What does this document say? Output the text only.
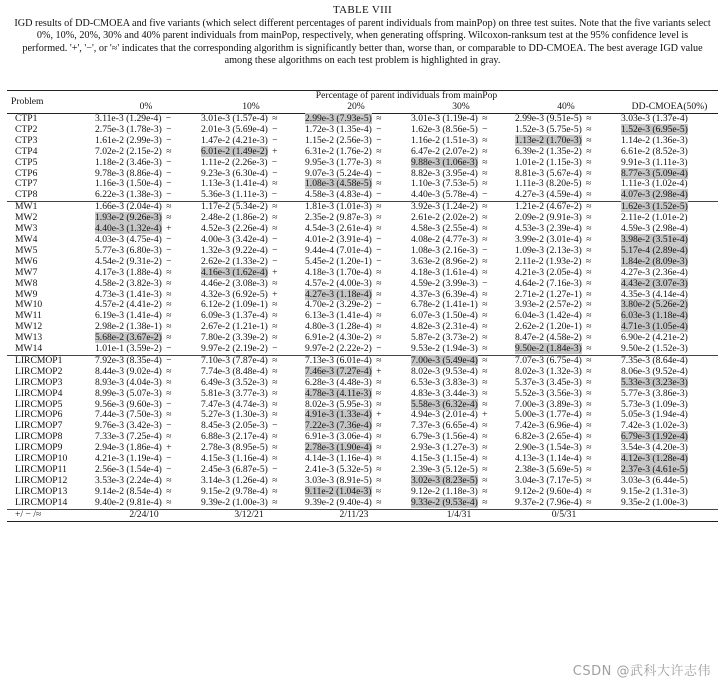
TABLE VIII
IGD results of DD-CMOEA and five variants (which select different percentages of parent individuals from mainPop) on three test suites. Note that the five variants select 0%, 10%, 20%, 30% and 40% parent individuals from mainPop, respectively, when generating offspring. Wilcoxon-ranksum test at the 95% confidence level is performed. '+', '−', or '≈' indicates that the corresponding algorithm is significantly better than, worse than, or comparable to DD-CMOEA. The best average IGD value among these algorithms on each test problem is highlighted in gray.
Problem	Percentage of parent individuals from mainPop					
	0%	10%	20%	30%	40%	DD-CMOEA(50%)
CTP1	3.11e-3 (1.29e-4) −	3.01e-3 (1.57e-4) ≈	2.99e-3 (7.93e-5) ≈	3.01e-3 (1.19e-4) ≈	2.99e-3 (9.51e-5) ≈	3.03e-3 (1.37e-4)
CTP2	2.75e-3 (1.78e-3) −	2.01e-3 (5.69e-4) −	1.72e-3 (1.35e-4) −	1.62e-3 (8.56e-5) −	1.52e-3 (5.75e-5) ≈	1.52e-3 (6.95e-5)
CTP3	1.61e-2 (2.99e-3) −	1.47e-2 (4.21e-3) −	1.15e-2 (2.56e-3) −	1.16e-2 (1.51e-3) ≈	1.13e-2 (1.70e-3) ≈	1.14e-2 (1.36e-3)
CTP4	7.02e-2 (2.15e-2) ≈	6.01e-2 (1.49e-2) +	6.31e-2 (1.76e-2) ≈	6.47e-2 (2.07e-2) ≈	6.39e-2 (1.35e-2) ≈	6.61e-2 (8.52e-3)
CTP5	1.18e-2 (3.46e-3) −	1.11e-2 (2.26e-3) −	9.95e-3 (1.77e-3) ≈	9.88e-3 (1.06e-3) ≈	1.01e-2 (1.15e-3) ≈	9.91e-3 (1.11e-3)
CTP6	9.78e-3 (8.86e-4) −	9.23e-3 (6.30e-4) −	9.07e-3 (5.24e-4) −	8.82e-3 (3.95e-4) ≈	8.81e-3 (5.67e-4) ≈	8.77e-3 (5.09e-4)
CTP7	1.16e-3 (1.50e-4) −	1.13e-3 (1.41e-4) ≈	1.08e-3 (4.58e-5) ≈	1.10e-3 (7.53e-5) ≈	1.11e-3 (8.20e-5) ≈	1.11e-3 (1.02e-4)
CTP8	6.22e-3 (1.38e-3) −	5.36e-3 (1.11e-3) −	4.58e-3 (4.83e-4) −	4.40e-3 (5.78e-4) −	4.27e-3 (4.59e-4) ≈	4.07e-3 (2.98e-4)
MW1	1.66e-3 (2.04e-4) ≈	1.17e-2 (5.34e-2) ≈	1.81e-3 (1.01e-3) ≈	3.92e-3 (1.24e-2) ≈	1.21e-2 (4.67e-2) ≈	1.62e-3 (1.52e-5)
MW2	1.93e-2 (9.26e-3) ≈	2.48e-2 (1.86e-2) ≈	2.35e-2 (9.87e-3) ≈	2.61e-2 (2.02e-2) ≈	2.09e-2 (9.91e-3) ≈	2.11e-2 (1.01e-2)
MW3	4.40e-3 (1.32e-4) +	4.52e-3 (2.26e-4) ≈	4.54e-3 (2.61e-4) ≈	4.58e-3 (2.55e-4) ≈	4.53e-3 (2.39e-4) ≈	4.59e-3 (2.98e-4)
MW4	4.03e-3 (4.75e-4) −	4.00e-3 (3.42e-4) −	4.01e-2 (3.91e-4) −	4.08e-2 (4.77e-3) ≈	3.99e-2 (3.01e-4) ≈	3.98e-2 (3.51e-4)
MW5	5.77e-3 (6.80e-3) −	1.32e-3 (9.22e-4) −	9.44e-4 (7.01e-4) −	1.08e-3 (2.16e-3) −	1.09e-3 (2.13e-3) ≈	5.17e-4 (2.89e-4)
MW6	4.54e-2 (9.31e-2) −	2.62e-2 (1.33e-2) −	5.45e-2 (1.20e-1) −	3.63e-2 (8.96e-2) ≈	2.11e-2 (1.93e-2) ≈	1.84e-2 (8.09e-3)
MW7	4.17e-3 (1.88e-4) ≈	4.16e-3 (1.62e-4) +	4.18e-3 (1.70e-4) ≈	4.18e-3 (1.61e-4) ≈	4.21e-3 (2.05e-4) ≈	4.27e-3 (2.36e-4)
MW8	4.58e-2 (3.82e-3) ≈	4.46e-2 (3.08e-3) ≈	4.57e-2 (4.00e-3) ≈	4.59e-2 (3.99e-3) −	4.64e-2 (7.16e-3) ≈	4.43e-2 (3.07e-3)
MW9	4.73e-3 (1.41e-3) ≈	4.32e-3 (6.92e-5) +	4.27e-3 (1.18e-4) ≈	4.37e-3 (6.39e-4) ≈	2.71e-2 (1.27e-1) ≈	4.35e-3 (4.14e-4)
MW10	4.57e-2 (4.41e-2) ≈	6.12e-2 (1.09e-1) ≈	4.70e-2 (3.29e-2) −	6.78e-2 (1.41e-1) ≈	3.93e-2 (2.57e-2) ≈	3.80e-2 (5.26e-2)
MW11	6.19e-3 (1.41e-4) ≈	6.09e-3 (1.37e-4) ≈	6.13e-3 (1.41e-4) ≈	6.07e-3 (1.50e-4) ≈	6.04e-3 (1.42e-4) ≈	6.03e-3 (1.18e-4)
MW12	2.98e-2 (1.38e-1) ≈	2.67e-2 (1.21e-1) ≈	4.80e-3 (1.28e-4) ≈	4.82e-3 (2.31e-4) ≈	2.62e-2 (1.20e-1) ≈	4.71e-3 (1.05e-4)
MW13	5.68e-2 (3.67e-2) ≈	7.80e-2 (3.39e-2) ≈	6.91e-2 (4.30e-2) ≈	5.87e-2 (3.73e-2) ≈	8.47e-2 (4.58e-2) ≈	6.90e-2 (4.21e-2)
MW14	1.01e-1 (3.59e-2) −	9.97e-2 (2.19e-2) −	9.97e-2 (2.22e-2) −	9.53e-2 (1.94e-3) ≈	9.50e-2 (1.84e-3) ≈	9.50e-2 (1.52e-3)
LIRCMOP1	7.92e-3 (8.35e-4) −	7.10e-3 (7.87e-4) ≈	7.13e-3 (6.01e-4) ≈	7.00e-3 (5.49e-4) ≈	7.07e-3 (6.75e-4) ≈	7.35e-3 (8.64e-4)
LIRCMOP2	8.44e-3 (9.02e-4) ≈	7.74e-3 (8.48e-4) ≈	7.46e-3 (7.27e-4) +	8.02e-3 (9.53e-4) ≈	8.02e-3 (1.32e-3) ≈	8.06e-3 (9.52e-4)
LIRCMOP3	8.93e-3 (4.04e-3) ≈	6.49e-3 (3.52e-3) ≈	6.28e-3 (4.48e-3) ≈	6.53e-3 (3.83e-3) ≈	5.37e-3 (3.45e-3) ≈	5.33e-3 (3.23e-3)
LIRCMOP4	8.99e-3 (5.07e-3) ≈	5.81e-3 (3.77e-3) ≈	4.78e-3 (4.11e-3) ≈	4.83e-3 (3.44e-3) ≈	5.52e-3 (3.56e-3) ≈	5.77e-3 (3.86e-3)
LIRCMOP5	9.56e-3 (9.60e-3) −	7.47e-3 (4.74e-3) ≈	8.02e-3 (5.95e-3) ≈	5.58e-3 (6.32e-4) ≈	7.00e-3 (3.89e-3) ≈	5.73e-3 (1.09e-3)
LIRCMOP6	7.44e-3 (7.50e-3) ≈	5.27e-3 (1.30e-3) ≈	4.91e-3 (1.33e-4) +	4.94e-3 (2.01e-4) +	5.00e-3 (1.77e-4) ≈	5.05e-3 (1.94e-4)
LIRCMOP7	9.76e-3 (3.42e-3) −	8.45e-3 (2.05e-3) −	7.22e-3 (7.36e-4) ≈	7.37e-3 (6.65e-4) ≈	7.42e-3 (6.96e-4) ≈	7.42e-3 (1.02e-3)
LIRCMOP8	7.33e-3 (7.25e-4) ≈	6.88e-3 (2.17e-4) ≈	6.91e-3 (3.06e-4) ≈	6.79e-3 (1.56e-4) ≈	6.82e-3 (2.65e-4) ≈	6.79e-3 (1.92e-4)
LIRCMOP9	2.94e-3 (1.86e-4) +	2.78e-3 (8.95e-5) ≈	2.78e-3 (1.90e-4) ≈	2.93e-3 (1.27e-3) ≈	2.90e-3 (1.54e-3) ≈	3.54e-3 (4.20e-3)
LIRCMOP10	4.21e-3 (1.19e-4) −	4.15e-3 (1.16e-4) ≈	4.14e-3 (1.16e-4) ≈	4.15e-3 (1.15e-4) ≈	4.13e-3 (1.14e-4) ≈	4.12e-3 (1.28e-4)
LIRCMOP11	2.56e-3 (1.54e-4) −	2.45e-3 (6.87e-5) −	2.41e-3 (5.32e-5) ≈	2.39e-3 (5.12e-5) ≈	2.38e-3 (5.69e-5) ≈	2.37e-3 (4.61e-5)
LIRCMOP12	3.53e-3 (2.24e-4) ≈	3.14e-3 (1.26e-4) ≈	3.03e-3 (8.91e-5) ≈	3.02e-3 (8.23e-5) ≈	3.04e-3 (7.17e-5) ≈	3.03e-3 (6.44e-5)
LIRCMOP13	9.14e-2 (8.54e-4) ≈	9.15e-2 (9.78e-4) ≈	9.11e-2 (1.04e-3) ≈	9.12e-2 (1.18e-3) ≈	9.12e-2 (9.60e-4) ≈	9.15e-2 (1.31e-3)
LIRCMOP14	9.40e-2 (9.81e-4) ≈	9.39e-2 (1.00e-3) ≈	9.39e-2 (9.40e-4) ≈	9.33e-2 (9.53e-4) ≈	9.37e-2 (7.96e-4) ≈	9.35e-2 (1.00e-3)
+/ − /≈	2/24/10	3/12/21	2/11/23	1/4/31	0/5/31	
CSDN @武科大许志伟
